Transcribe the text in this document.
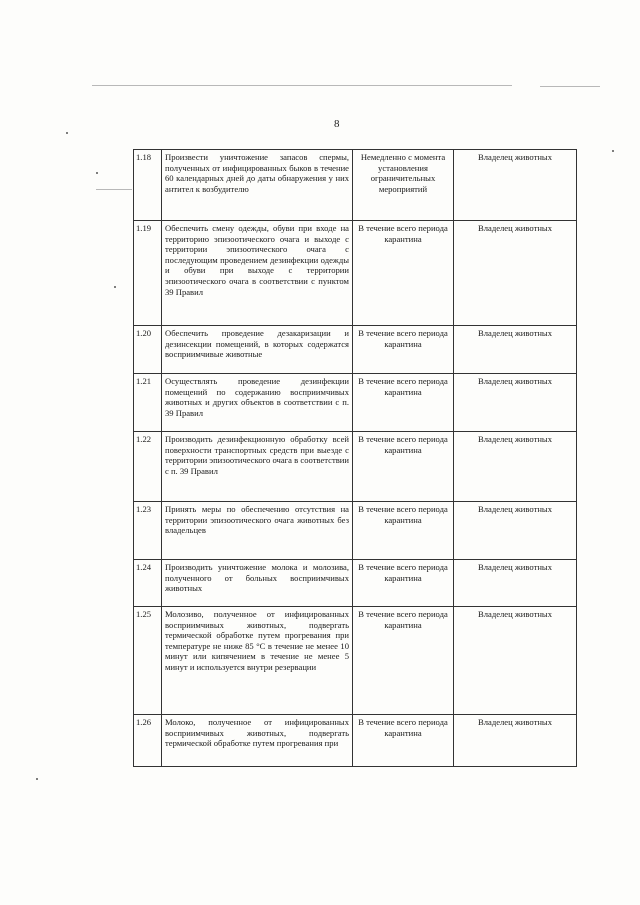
8
1.18	Произвести уничтожение запасов спермы, полученных от инфицированных быков в течение 60 календарных дней до даты обнаружения у них антител к возбудителю	Немедленно с момента установления ограничительных мероприятий	Владелец животных
1.19	Обеспечить смену одежды, обуви при входе на территорию эпизоотического очага и выходе с территории эпизоотического очага с последующим проведением дезинфекции одежды и обуви при выходе с территории эпизоотического очага в соответствии с пунктом 39 Правил	В течение всего периода карантина	Владелец животных
1.20	Обеспечить проведение дезакаризации и дезинсекции помещений, в которых содержатся восприимчивые животные	В течение всего периода карантина	Владелец животных
1.21	Осуществлять проведение дезинфекции помещений по содержанию восприимчивых животных и других объектов в соответствии с п. 39 Правил	В течение всего периода карантина	Владелец животных
1.22	Производить дезинфекционную обработку всей поверхности транспортных средств при выезде с территории эпизоотического очага в соответствии с п. 39 Правил	В течение всего периода карантина	Владелец животных
1.23	Принять меры по обеспечению отсутствия на территории эпизоотического очага животных без владельцев	В течение всего периода карантина	Владелец животных
1.24	Производить уничтожение молока и молозива, полученного от больных восприимчивых животных	В течение всего периода карантина	Владелец животных
1.25	Молозиво, полученное от инфицированных восприимчивых животных, подвергать термической обработке путем прогревания при температуре не ниже 85 °С в течение не менее 10 минут или кипячением в течение не менее 5 минут и используется внутри резервации	В течение всего периода карантина	Владелец животных
1.26	Молоко, полученное от инфицированных восприимчивых животных, подвергать термической обработке путем прогревания при	В течение всего периода карантина	Владелец животных
